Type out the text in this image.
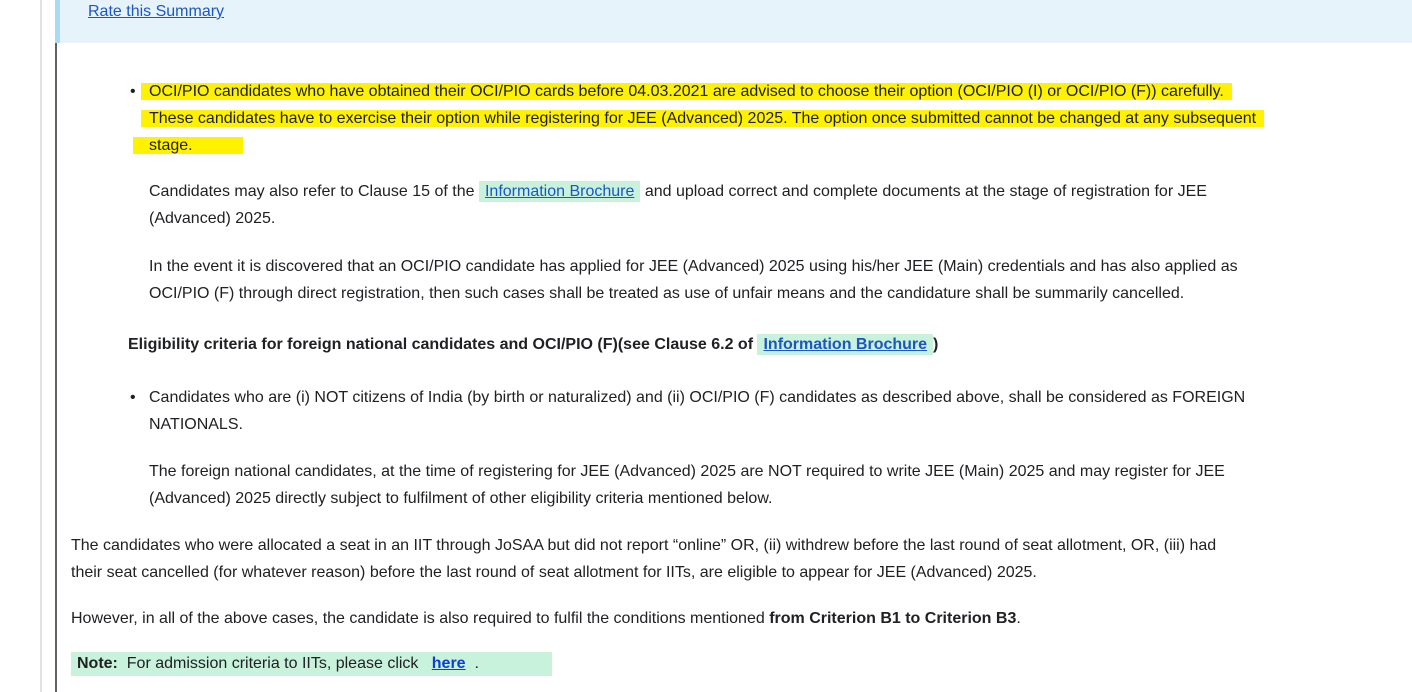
Rate this Summary
• OCI/PIO candidates who have obtained their OCI/PIO cards before 04.03.2021 are advised to choose their option (OCI/PIO (I) or OCI/PIO (F)) carefully.

These candidates have to exercise their option while registering for JEE (Advanced) 2025. The option once submitted cannot be changed at any subsequent

stage.

Candidates may also refer to Clause 15 of the Information Brochure and upload correct and complete documents at the stage of registration for JEE

(Advanced) 2025.

In the event it is discovered that an OCI/PIO candidate has applied for JEE (Advanced) 2025 using his/her JEE (Main) credentials and has also applied as

OCI/PIO (F) through direct registration, then such cases shall be treated as use of unfair means and the candidature shall be summarily cancelled.

Eligibility criteria for foreign national candidates and OCI/PIO (F)(see Clause 6.2 of Information Brochure )

• Candidates who are (i) NOT citizens of India (by birth or naturalized) and (ii) OCI/PIO (F) candidates as described above, shall be considered as FOREIGN

NATIONALS.

The foreign national candidates, at the time of registering for JEE (Advanced) 2025 are NOT required to write JEE (Main) 2025 and may register for JEE

(Advanced) 2025 directly subject to fulfilment of other eligibility criteria mentioned below.

The candidates who were allocated a seat in an IIT through JoSAA but did not report “online” OR, (ii) withdrew before the last round of seat allotment, OR, (iii) had

their seat cancelled (for whatever reason) before the last round of seat allotment for IITs, are eligible to appear for JEE (Advanced) 2025.

However, in all of the above cases, the candidate is also required to fulfil the conditions mentioned from Criterion B1 to Criterion B3.

Note: For admission criteria to IITs, please click here .
